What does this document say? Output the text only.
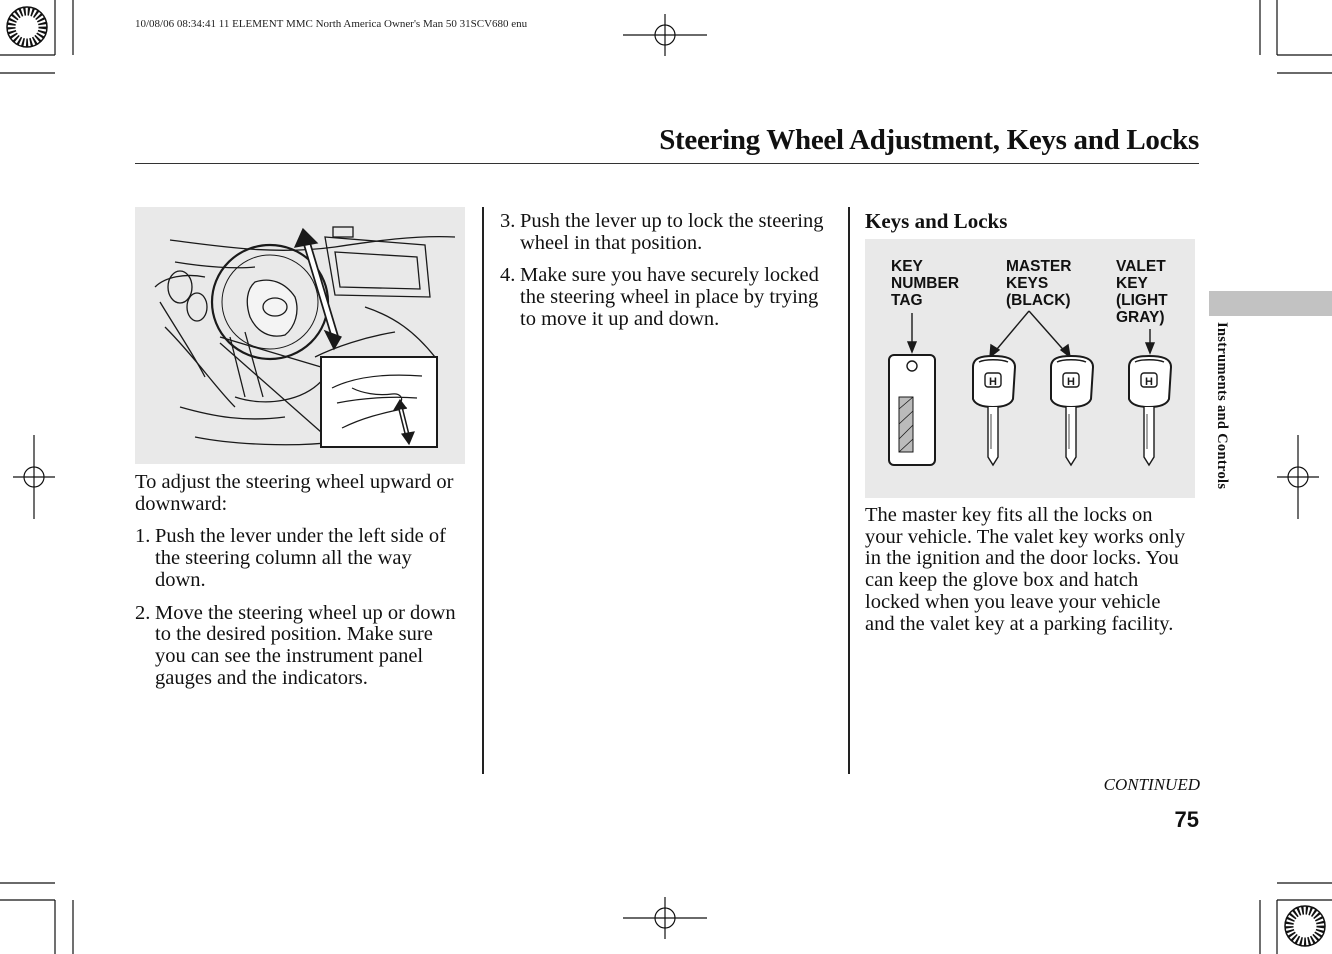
10/08/06 08:34:41 11 ELEMENT MMC North America Owner's Man 50 31SCV680 enu
Steering Wheel Adjustment, Keys and Locks

To adjust the steering wheel upward or downward:

1. Push the lever under the left side of the steering column all the way down.
2. Move the steering wheel up or down to the desired position. Make sure you can see the instrument panel gauges and the indicators.
3. Push the lever up to lock the steering wheel in that position.
4. Make sure you have securely locked the steering wheel in place by trying to move it up and down.
Keys and Locks
KEY
NUMBER
TAG
MASTER
KEYS
(BLACK)
VALET
KEY
(LIGHT
GRAY)
H	H	H

The master key fits all the locks on your vehicle. The valet key works only in the ignition and the door locks. You can keep the glove box and hatch locked when you leave your vehicle and the valet key at a parking facility.

Instruments and Controls
CONTINUED
75
